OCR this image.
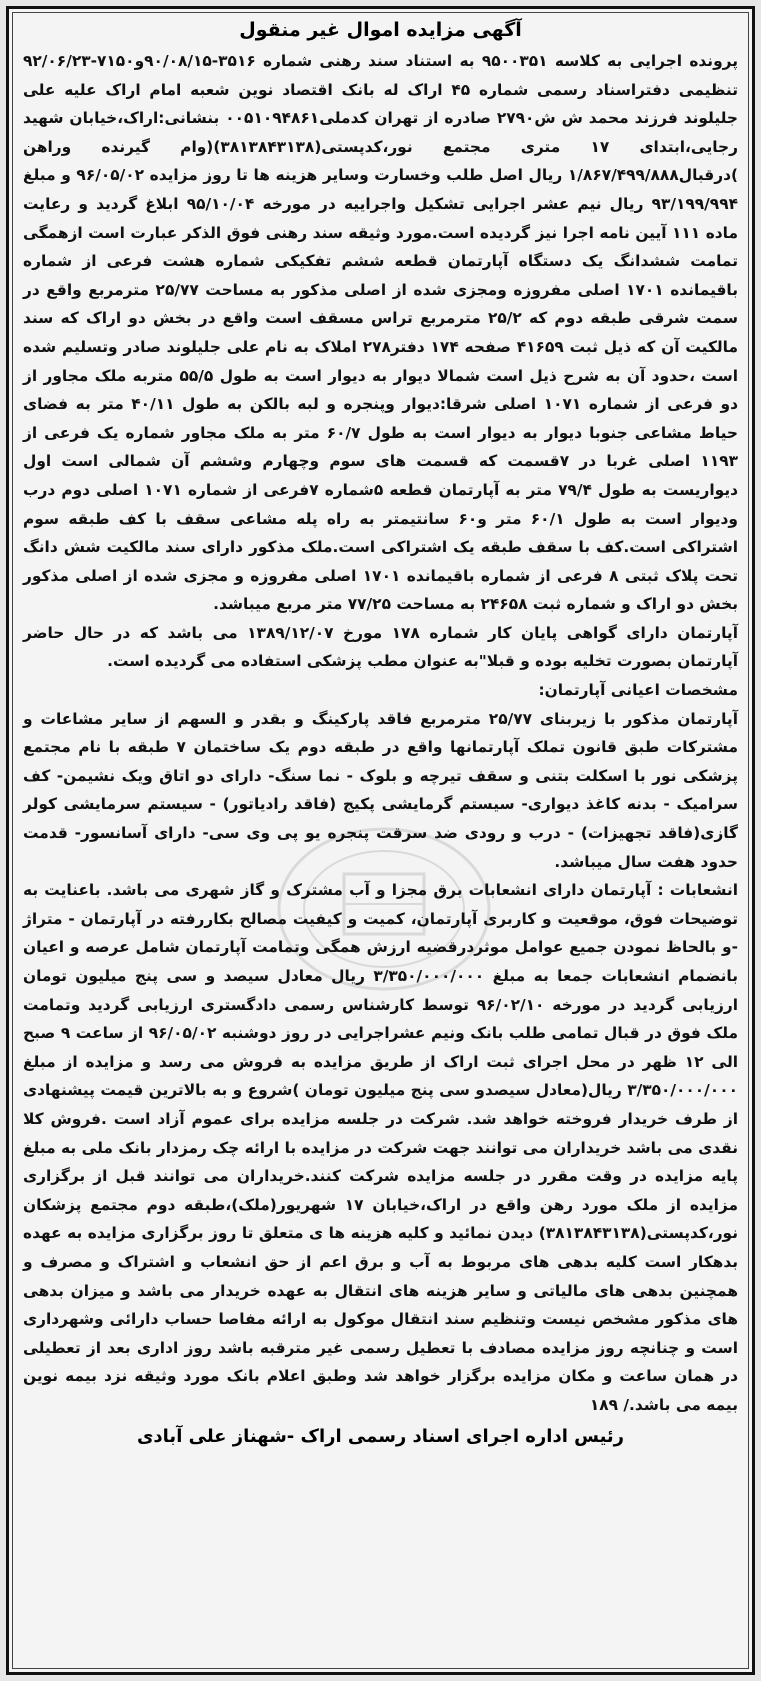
آگهی مزایده اموال غیر منقول

پرونده اجرایی به کلاسه ۹۵۰۰۳۵۱ به استناد سند رهنی شماره ۳۵۱۶-۹۰/۰۸/۱۵و۷۱۵۰-۹۲/۰۶/۲۳ تنظیمی دفتراسناد رسمی شماره ۴۵ اراک له بانک اقتصاد نوین شعبه امام اراک علیه علی جلیلوند فرزند محمد ش ش۲۷۹۰ صادره از تهران کدملی۰۰۵۱۰۹۴۸۶۱ بنشانی:اراک،خیابان شهید رجایی،ابتدای ۱۷ متری مجتمع نور،کدپستی(۳۸۱۳۸۴۳۱۳۸)(وام گیرنده وراهن )درقبال۱/۸۶۷/۴۹۹/۸۸۸ ریال اصل طلب وخسارت وسایر هزینه ها تا روز مزایده ۹۶/۰۵/۰۲ و مبلغ ۹۳/۱۹۹/۹۹۴ ریال نیم عشر اجرایی تشکیل واجراییه در مورخه ۹۵/۱۰/۰۴ ابلاغ گردید و رعایت ماده ۱۱۱ آیین نامه اجرا نیز گردیده است.مورد وثیقه سند رهنی فوق الذکر عبارت است ازهمگی تمامت ششدانگ یک دستگاه آپارتمان قطعه ششم تفکیکی شماره هشت فرعی از شماره باقیمانده ۱۷۰۱ اصلی مفروزه ومجزی شده از اصلی مذکور به مساحت ۲۵/۷۷ مترمربع واقع در سمت شرقی طبقه دوم که ۲۵/۲ مترمربع تراس مسقف است واقع در بخش دو اراک که سند مالکیت آن که ذیل ثبت ۴۱۶۵۹ صفحه ۱۷۴ دفتر۲۷۸ املاک به نام علی جلیلوند صادر وتسلیم شده است ،حدود آن به شرح ذیل است شمالا دیوار به دیوار است به طول ۵۵/۵ متربه ملک مجاور از دو فرعی از شماره ۱۰۷۱ اصلی شرقا:دیوار وپنجره و لبه بالکن به طول ۴۰/۱۱ متر به فضای حیاط مشاعی جنوبا دیوار به دیوار است به طول ۶۰/۷ متر به ملک مجاور شماره یک فرعی از ۱۱۹۳ اصلی غربا در ۷قسمت که قسمت های سوم وچهارم وششم آن شمالی است اول دیواریست به طول ۷۹/۴ متر به آپارتمان قطعه ۵شماره ۷فرعی از شماره ۱۰۷۱ اصلی دوم درب ودیوار است به طول ۶۰/۱ متر و۶۰ سانتیمتر به راه پله مشاعی سقف با کف طبقه سوم اشتراکی است.کف با سقف طبقه یک اشتراکی است.ملک مذکور دارای سند مالکیت شش دانگ تحت پلاک ثبتی ۸ فرعی از شماره باقیمانده ۱۷۰۱ اصلی مفروزه و مجزی شده از اصلی مذکور بخش دو اراک و شماره ثبت ۲۴۶۵۸ به مساحت ۷۷/۲۵ متر مربع میباشد.

آپارتمان دارای گواهی پایان کار شماره ۱۷۸ مورخ ۱۳۸۹/۱۲/۰۷ می باشد که در حال حاضر آپارتمان بصورت تخلیه بوده و قبلا"به عنوان مطب پزشکی استفاده می گردیده است.

مشخصات اعیانی آپارتمان:

آپارتمان مذکور با زیربنای ۲۵/۷۷ مترمربع فاقد پارکینگ و بقدر و السهم از سایر مشاعات و مشترکات طبق قانون تملک آپارتمانها واقع در طبقه دوم یک ساختمان ۷ طبقه با نام مجتمع پزشکی نور با اسکلت بتنی و سقف تیرچه و بلوک - نما سنگ- دارای دو اتاق ویک نشیمن- کف سرامیک - بدنه کاغذ دیواری- سیستم گرمایشی پکیج (فاقد رادیاتور) - سیستم سرمایشی کولر گازی(فاقد تجهیزات) - درب و رودی ضد سرقت پنجره یو پی وی سی- دارای آسانسور- قدمت حدود هفت سال میباشد.

انشعابات : آپارتمان دارای انشعابات برق مجزا و آب مشترک و گاز شهری می باشد. باعنایت به توضیحات فوق، موقعیت و کاربری آپارتمان، کمیت و کیفیت مصالح بکاررفته در آپارتمان - متراژ -و بالحاظ نمودن جمیع عوامل موثردرقضیه ارزش همگی وتمامت آپارتمان شامل عرصه و اعیان بانضمام انشعابات جمعا به مبلغ ۳/۳۵۰/۰۰۰/۰۰۰ ریال معادل سیصد و سی پنج میلیون تومان ارزیابی گردید در مورخه ۹۶/۰۲/۱۰ توسط کارشناس رسمی دادگستری ارزیابی گردید وتمامت ملک فوق در قبال تمامی طلب بانک ونیم عشراجرایی در روز دوشنبه ۹۶/۰۵/۰۲ از ساعت ۹ صبح الی ۱۲ ظهر در محل اجرای ثبت اراک از طریق مزایده به فروش می رسد و مزایده از مبلغ ۳/۳۵۰/۰۰۰/۰۰۰ ریال(معادل سیصدو سی پنج میلیون تومان )شروع و به بالاترین قیمت پیشنهادی از طرف خریدار فروخته خواهد شد. شرکت در جلسه مزایده برای عموم آزاد است .فروش کلا نقدی می باشد خریداران می توانند جهت شرکت در مزایده با ارائه چک رمزدار بانک ملی به مبلغ پایه مزایده در وقت مقرر در جلسه مزایده شرکت کنند.خریداران می توانند قبل از برگزاری مزایده از ملک مورد رهن واقع در اراک،خیابان ۱۷ شهریور(ملک)،طبقه دوم مجتمع پزشکان نور،کدپستی(۳۸۱۳۸۴۳۱۳۸) دیدن نمائید و کلیه هزینه ها ی متعلق تا روز برگزاری مزایده به عهده بدهکار است کلیه بدهی های مربوط به آب و برق اعم از حق انشعاب و اشتراک و مصرف و همچنین بدهی های مالیاتی و سایر هزینه های انتقال به عهده خریدار می باشد و میزان بدهی های مذکور مشخص نیست وتنظیم سند انتقال موکول به ارائه مفاصا حساب دارائی وشهرداری است و چنانچه روز مزایده مصادف با تعطیل رسمی غیر مترقبه باشد روز اداری بعد از تعطیلی در همان ساعت و مکان مزایده برگزار خواهد شد وطبق اعلام بانک مورد وثیقه نزد بیمه نوین بیمه می باشد./ ۱۸۹

رئیس اداره اجرای اسناد رسمی اراک -شهناز علی آبادی
